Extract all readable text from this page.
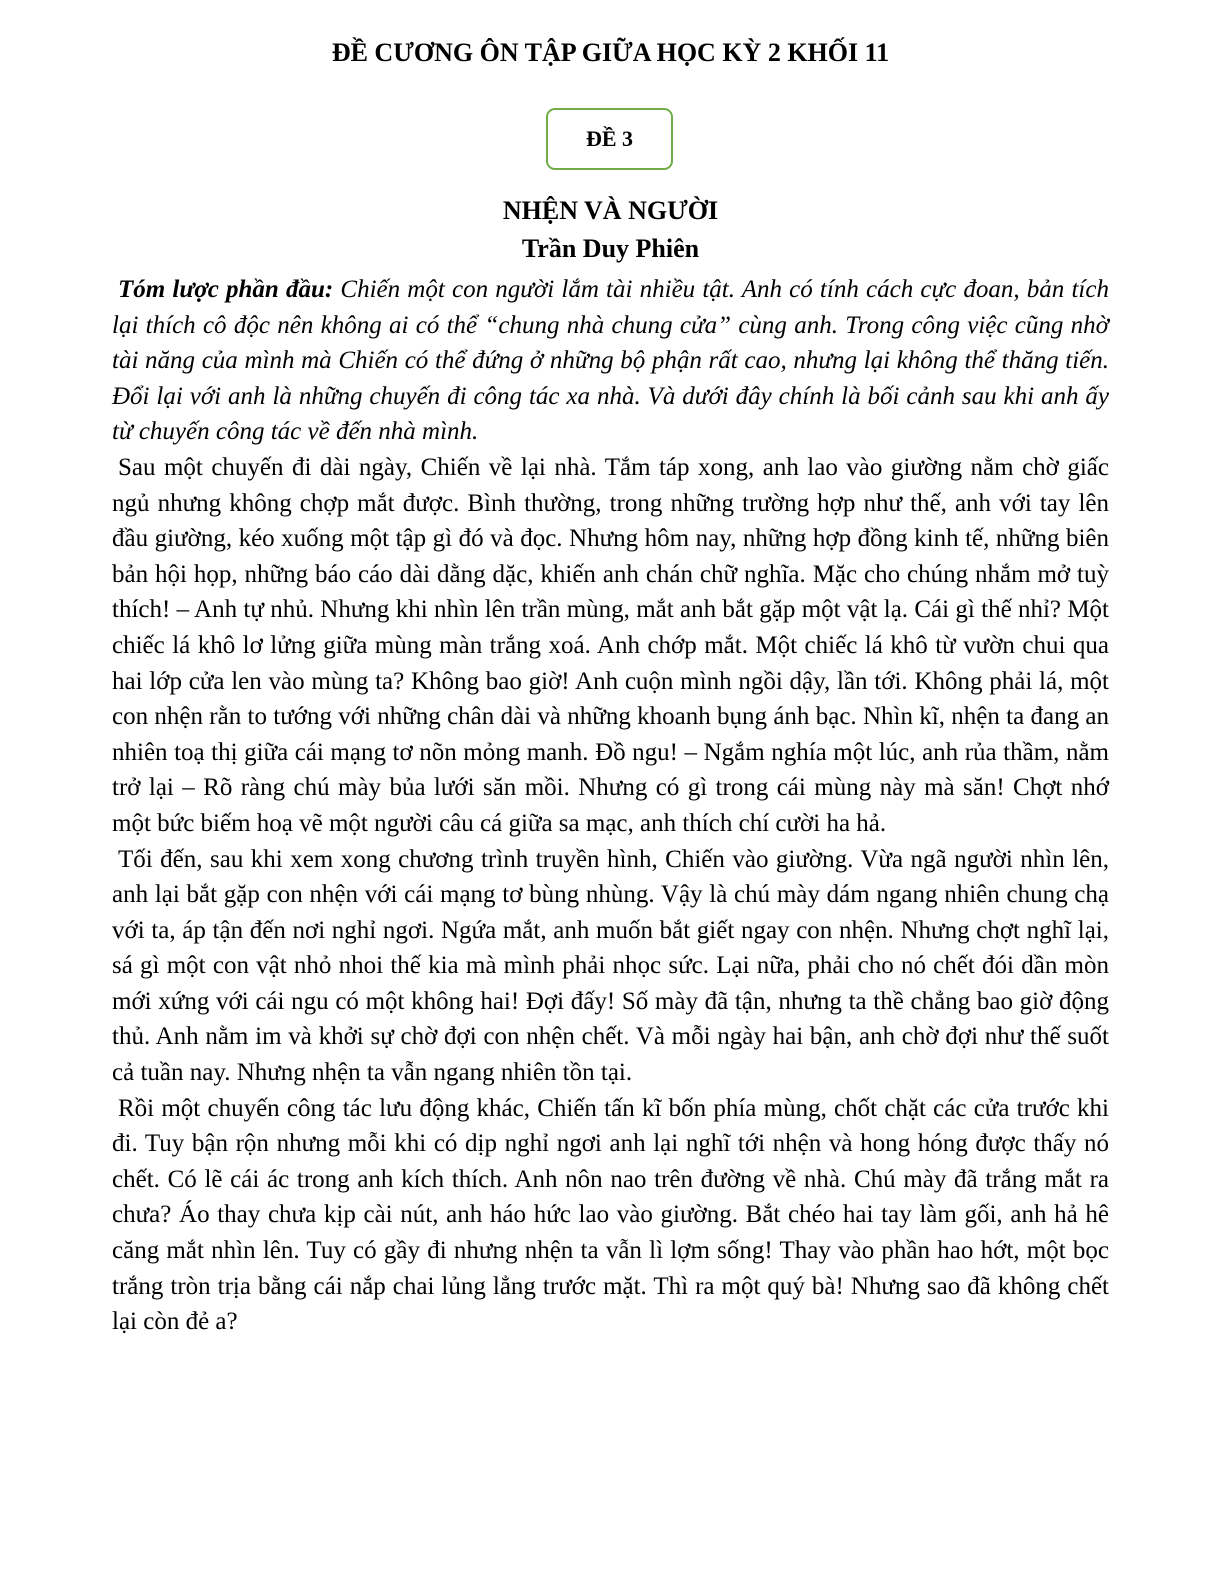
ĐỀ CƯƠNG ÔN TẬP GIỮA HỌC KỲ 2 KHỐI 11
ĐỀ 3
NHỆN VÀ NGƯỜI
Trần Duy Phiên

Tóm lược phần đầu: Chiến một con người lắm tài nhiều tật. Anh có tính cách cực đoan, bản tích lại thích cô độc nên không ai có thể “chung nhà chung cửa” cùng anh. Trong công việc cũng nhờ tài năng của mình mà Chiến có thể đứng ở những bộ phận rất cao, nhưng lại không thể thăng tiến. Đổi lại với anh là những chuyến đi công tác xa nhà. Và dưới đây chính là bối cảnh sau khi anh ấy từ chuyến công tác về đến nhà mình.

Sau một chuyến đi dài ngày, Chiến về lại nhà. Tắm táp xong, anh lao vào giường nằm chờ giấc ngủ nhưng không chợp mắt được. Bình thường, trong những trường hợp như thế, anh với tay lên đầu giường, kéo xuống một tập gì đó và đọc. Nhưng hôm nay, những hợp đồng kinh tế, những biên bản hội họp, những báo cáo dài dằng dặc, khiến anh chán chữ nghĩa. Mặc cho chúng nhắm mở tuỳ thích! – Anh tự nhủ. Nhưng khi nhìn lên trần mùng, mắt anh bắt gặp một vật lạ. Cái gì thế nhỉ? Một chiếc lá khô lơ lửng giữa mùng màn trắng xoá. Anh chớp mắt. Một chiếc lá khô từ vườn chui qua hai lớp cửa len vào mùng ta? Không bao giờ! Anh cuộn mình ngồi dậy, lần tới. Không phải lá, một con nhện rằn to tướng với những chân dài và những khoanh bụng ánh bạc. Nhìn kĩ, nhện ta đang an nhiên toạ thị giữa cái mạng tơ nõn mỏng manh. Đồ ngu! – Ngắm nghía một lúc, anh rủa thầm, nằm trở lại – Rõ ràng chú mày bủa lưới săn mồi. Nhưng có gì trong cái mùng này mà săn! Chợt nhớ một bức biếm hoạ vẽ một người câu cá giữa sa mạc, anh thích chí cười ha hả.

Tối đến, sau khi xem xong chương trình truyền hình, Chiến vào giường. Vừa ngã người nhìn lên, anh lại bắt gặp con nhện với cái mạng tơ bùng nhùng. Vậy là chú mày dám ngang nhiên chung chạ với ta, áp tận đến nơi nghỉ ngơi. Ngứa mắt, anh muốn bắt giết ngay con nhện. Nhưng chợt nghĩ lại, sá gì một con vật nhỏ nhoi thế kia mà mình phải nhọc sức. Lại nữa, phải cho nó chết đói dần mòn mới xứng với cái ngu có một không hai! Đợi đấy! Số mày đã tận, nhưng ta thề chẳng bao giờ động thủ. Anh nằm im và khởi sự chờ đợi con nhện chết. Và mỗi ngày hai bận, anh chờ đợi như thế suốt cả tuần nay. Nhưng nhện ta vẫn ngang nhiên tồn tại.

Rồi một chuyến công tác lưu động khác, Chiến tấn kĩ bốn phía mùng, chốt chặt các cửa trước khi đi. Tuy bận rộn nhưng mỗi khi có dịp nghỉ ngơi anh lại nghĩ tới nhện và hong hóng được thấy nó chết. Có lẽ cái ác trong anh kích thích. Anh nôn nao trên đường về nhà. Chú mày đã trắng mắt ra chưa? Áo thay chưa kịp cài nút, anh háo hức lao vào giường. Bắt chéo hai tay làm gối, anh hả hê căng mắt nhìn lên. Tuy có gầy đi nhưng nhện ta vẫn lì lợm sống! Thay vào phần hao hớt, một bọc trắng tròn trịa bằng cái nắp chai lủng lẳng trước mặt. Thì ra một quý bà! Nhưng sao đã không chết lại còn đẻ a?
